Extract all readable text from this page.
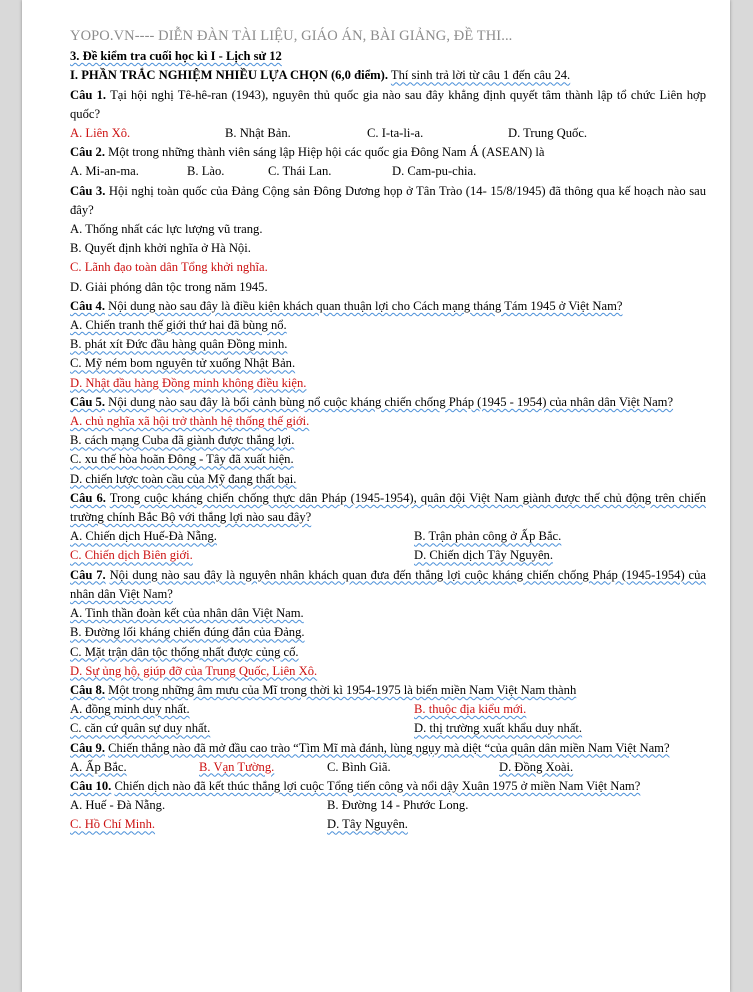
YOPO.VN---- DIỄN ĐÀN TÀI LIỆU, GIÁO ÁN, BÀI GIẢNG, ĐỀ THI...
3. Đề kiểm tra cuối học kì I - Lịch sử 12
I. PHẦN TRẮC NGHIỆM NHIỀU LỰA CHỌN (6,0 điểm). Thí sinh trả lời từ câu 1 đến câu 24.
Câu 1. Tại hội nghị Tê-hê-ran (1943), nguyên thủ quốc gia nào sau đây khẳng định quyết tâm thành lập tổ chức Liên hợp quốc?
A. Liên Xô.	B. Nhật Bản.	C. I-ta-li-a.	D. Trung Quốc.
Câu 2. Một trong những thành viên sáng lập Hiệp hội các quốc gia Đông Nam Á (ASEAN) là
A. Mi-an-ma.	B. Lào.	C. Thái Lan.	D. Cam-pu-chia.
Câu 3. Hội nghị toàn quốc của Đảng Cộng sản Đông Dương họp ở Tân Trào (14- 15/8/1945) đã thông qua kế hoạch nào sau đây?
A. Thống nhất các lực lượng vũ trang.
B. Quyết định khởi nghĩa ở Hà Nội.
C. Lãnh đạo toàn dân Tổng khởi nghĩa.
D. Giải phóng dân tộc trong năm 1945.
Câu 4. Nội dung nào sau đây là điều kiện khách quan thuận lợi cho Cách mạng tháng Tám 1945 ở Việt Nam?
A. Chiến tranh thế giới thứ hai đã bùng nổ.
B. phát xít Đức đầu hàng quân Đồng minh.
C. Mỹ ném bom nguyên tử xuống Nhật Bản.
D. Nhật đầu hàng Đồng minh không điều kiện.
Câu 5. Nội dung nào sau đây là bối cảnh bùng nổ cuộc kháng chiến chống Pháp (1945 - 1954) của nhân dân Việt Nam?
A. chủ nghĩa xã hội trở thành hệ thống thế giới.
B. cách mạng Cuba đã giành được thắng lợi.
C. xu thế hòa hoãn Đông - Tây đã xuất hiện.
D. chiến lược toàn cầu của Mỹ đang thất bại.
Câu 6. Trong cuộc kháng chiến chống thực dân Pháp (1945-1954), quân đội Việt Nam giành được thế chủ động trên chiến trường chính Bắc Bộ với thắng lợi nào sau đây?
A. Chiến dịch Huế-Đà Nẵng.	B. Trận phản công ở Ấp Bắc.
C. Chiến dịch Biên giới.	D. Chiến dịch Tây Nguyên.
Câu 7. Nội dung nào sau đây là nguyên nhân khách quan đưa đến thắng lợi cuộc kháng chiến chống Pháp (1945-1954) của nhân dân Việt Nam?
A. Tinh thần đoàn kết của nhân dân Việt Nam.
B. Đường lối kháng chiến đúng đắn của Đảng.
C. Mặt trận dân tộc thống nhất được củng cố.
D. Sự ủng hộ, giúp đỡ của Trung Quốc, Liên Xô.
Câu 8. Một trong những âm mưu của Mĩ trong thời kì 1954-1975 là biến miền Nam Việt Nam thành
A. đồng minh duy nhất.	B. thuộc địa kiểu mới.
C. căn cứ quân sự duy nhất.	D. thị trường xuất khẩu duy nhất.
Câu 9. Chiến thắng nào đã mở đầu cao trào “Tìm Mĩ mà đánh, lùng ngụy mà diệt “của quân dân miền Nam Việt Nam?
A. Ấp Bắc.	B. Vạn Tường.	C. Bình Giã.	D. Đồng Xoài.
Câu 10. Chiến dịch nào đã kết thúc thắng lợi cuộc Tổng tiến công và nổi dậy Xuân 1975 ở miền Nam Việt Nam?
A. Huế - Đà Nẵng.	B. Đường 14 - Phước Long.
C. Hồ Chí Minh.	D. Tây Nguyên.
